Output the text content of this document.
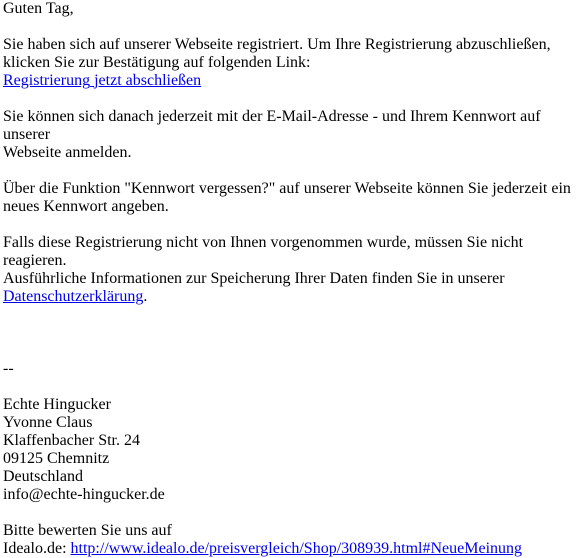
Guten Tag,

Sie haben sich auf unserer Webseite registriert. Um Ihre Registrierung abzuschließen,
klicken Sie zur Bestätigung auf folgenden Link:
Registrierung jetzt abschließen

Sie können sich danach jederzeit mit der E-Mail-Adresse - und Ihrem Kennwort auf unserer
Webseite anmelden.

Über die Funktion "Kennwort vergessen?" auf unserer Webseite können Sie jederzeit ein
neues Kennwort angeben.

Falls diese Registrierung nicht von Ihnen vorgenommen wurde, müssen Sie nicht reagieren.
Ausführliche Informationen zur Speicherung Ihrer Daten finden Sie in unserer
Datenschutzerklärung.

--

Echte Hingucker
Yvonne Claus
Klaffenbacher Str. 24
09125 Chemnitz
Deutschland
info@echte-hingucker.de

Bitte bewerten Sie uns auf
Idealo.de: http://www.idealo.de/preisvergleich/Shop/308939.html#NeueMeinung
